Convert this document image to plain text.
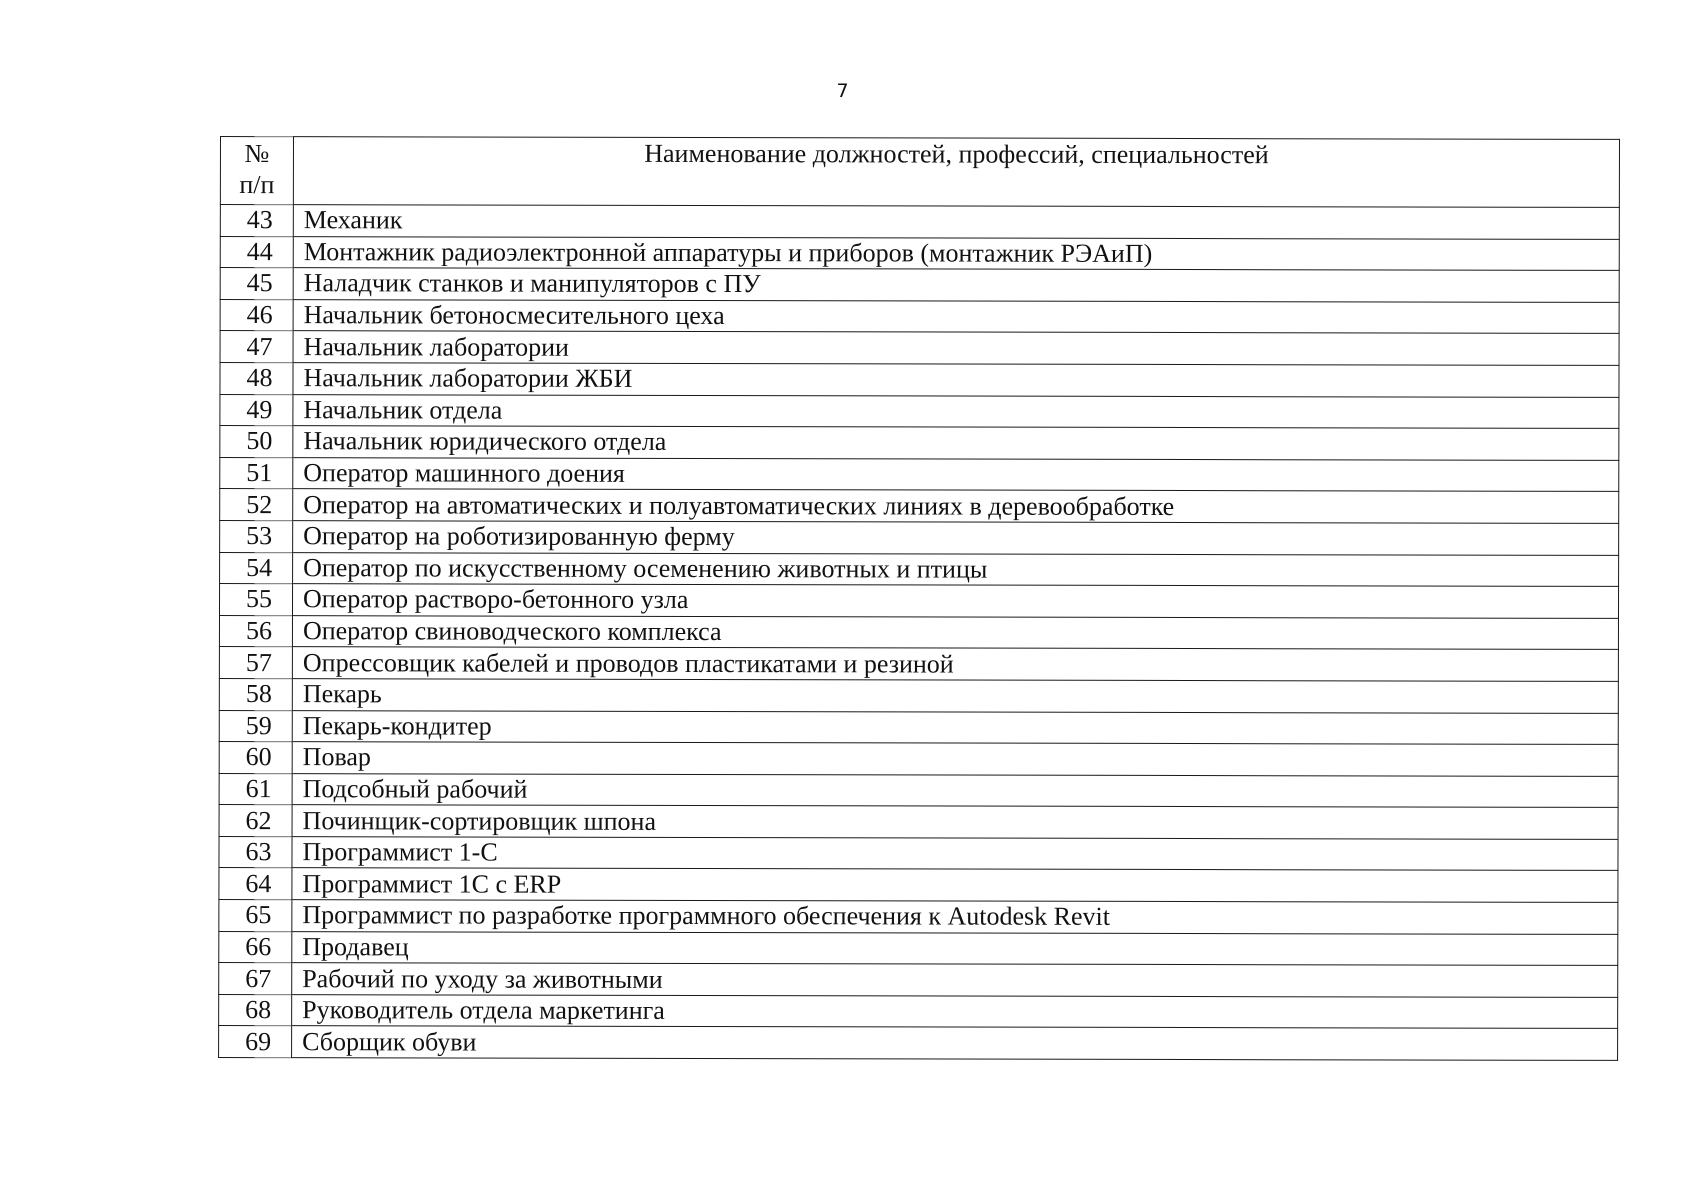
7
№
п/п	Наименование должностей, профессий, специальностей
43	Механик
44	Монтажник радиоэлектронной аппаратуры и приборов (монтажник РЭАиП)
45	Наладчик станков и манипуляторов с ПУ
46	Начальник бетоносмесительного цеха
47	Начальник лаборатории
48	Начальник лаборатории ЖБИ
49	Начальник отдела
50	Начальник юридического отдела
51	Оператор машинного доения
52	Оператор на автоматических и полуавтоматических линиях в деревообработке
53	Оператор на роботизированную ферму
54	Оператор по искусственному осеменению животных и птицы
55	Оператор растворо-бетонного узла
56	Оператор свиноводческого комплекса
57	Опрессовщик кабелей и проводов пластикатами и резиной
58	Пекарь
59	Пекарь-кондитер
60	Повар
61	Подсобный рабочий
62	Починщик-сортировщик шпона
63	Программист 1-С
64	Программист 1С с ERP
65	Программист по разработке программного обеспечения к Autodesk Revit
66	Продавец
67	Рабочий по уходу за животными
68	Руководитель отдела маркетинга
69	Сборщик обуви
